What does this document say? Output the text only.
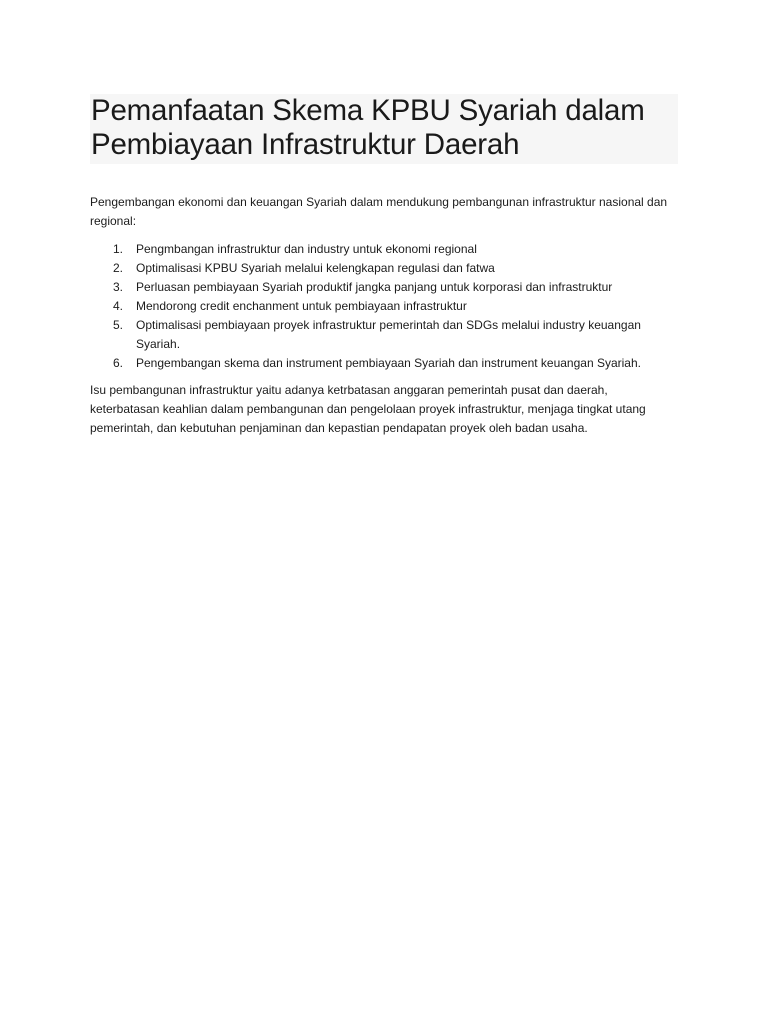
Pemanfaatan Skema KPBU Syariah dalam
Pembiayaan Infrastruktur Daerah

Pengembangan ekonomi dan keuangan Syariah dalam mendukung pembangunan infrastruktur nasional dan regional:

1. Pengmbangan infrastruktur dan industry untuk ekonomi regional
2. Optimalisasi KPBU Syariah melalui kelengkapan regulasi dan fatwa
3. Perluasan pembiayaan Syariah produktif jangka panjang untuk korporasi dan infrastruktur
4. Mendorong credit enchanment untuk pembiayaan infrastruktur
5. Optimalisasi pembiayaan proyek infrastruktur pemerintah dan SDGs melalui industry keuangan Syariah.
6. Pengembangan skema dan instrument pembiayaan Syariah dan instrument keuangan Syariah.

Isu pembangunan infrastruktur yaitu adanya ketrbatasan anggaran pemerintah pusat dan daerah, keterbatasan keahlian dalam pembangunan dan pengelolaan proyek infrastruktur, menjaga tingkat utang pemerintah, dan kebutuhan penjaminan dan kepastian pendapatan proyek oleh badan usaha.
